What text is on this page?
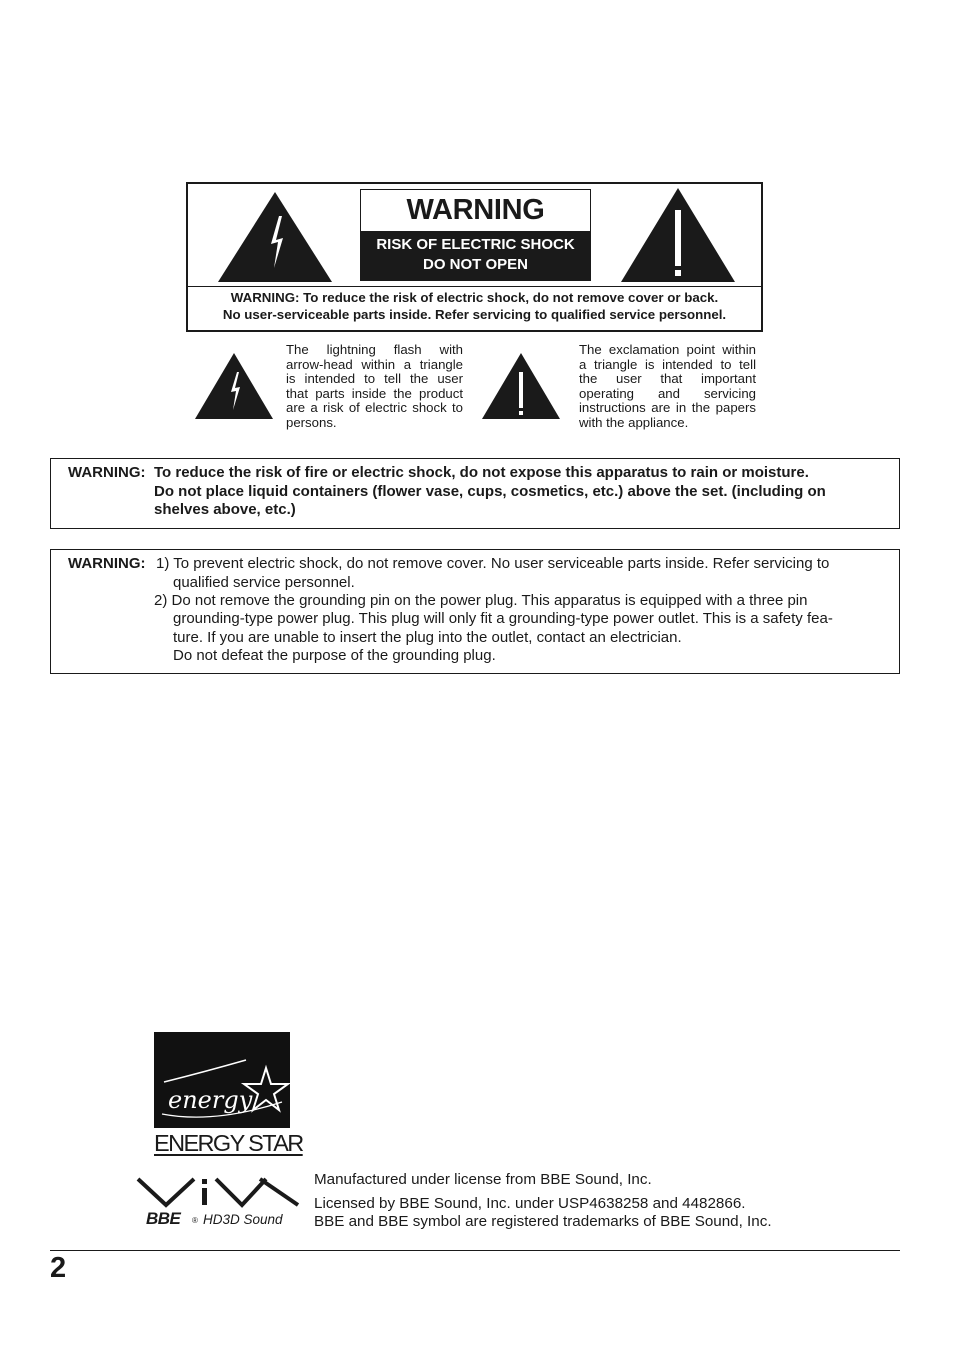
WARNING
RISK OF ELECTRIC SHOCK
DO NOT OPEN
WARNING: To reduce the risk of electric shock, do not remove cover or back.
No user-serviceable parts inside. Refer servicing to qualified service personnel.
The lightning flash with
arrow-head within a triangle
is intended to tell the user
that parts inside the product
are a risk of electric shock to
persons.
The exclamation point within
a triangle is intended to tell
the user that important
operating and servicing
instructions are in the papers
with the appliance.
WARNING: To reduce the risk of fire or electric shock, do not expose this apparatus to rain or moisture.
Do not place liquid containers (flower vase, cups, cosmetics, etc.) above the set. (including on
shelves above, etc.)
WARNING: 1) To prevent electric shock, do not remove cover. No user serviceable parts inside. Refer servicing to
qualified service personnel.
2) Do not remove the grounding pin on the power plug. This apparatus is equipped with a three pin
grounding-type power plug. This plug will only fit a grounding-type power outlet. This is a safety fea-
ture. If you are unable to insert the plug into the outlet, contact an electrician.
Do not defeat the purpose of the grounding plug.
energy
ENERGY STAR
BBE ® HD3D Sound
Manufactured under license from BBE Sound, Inc.
Licensed by BBE Sound, Inc. under USP4638258 and 4482866.
BBE and BBE symbol are registered trademarks of BBE Sound, Inc.
2
